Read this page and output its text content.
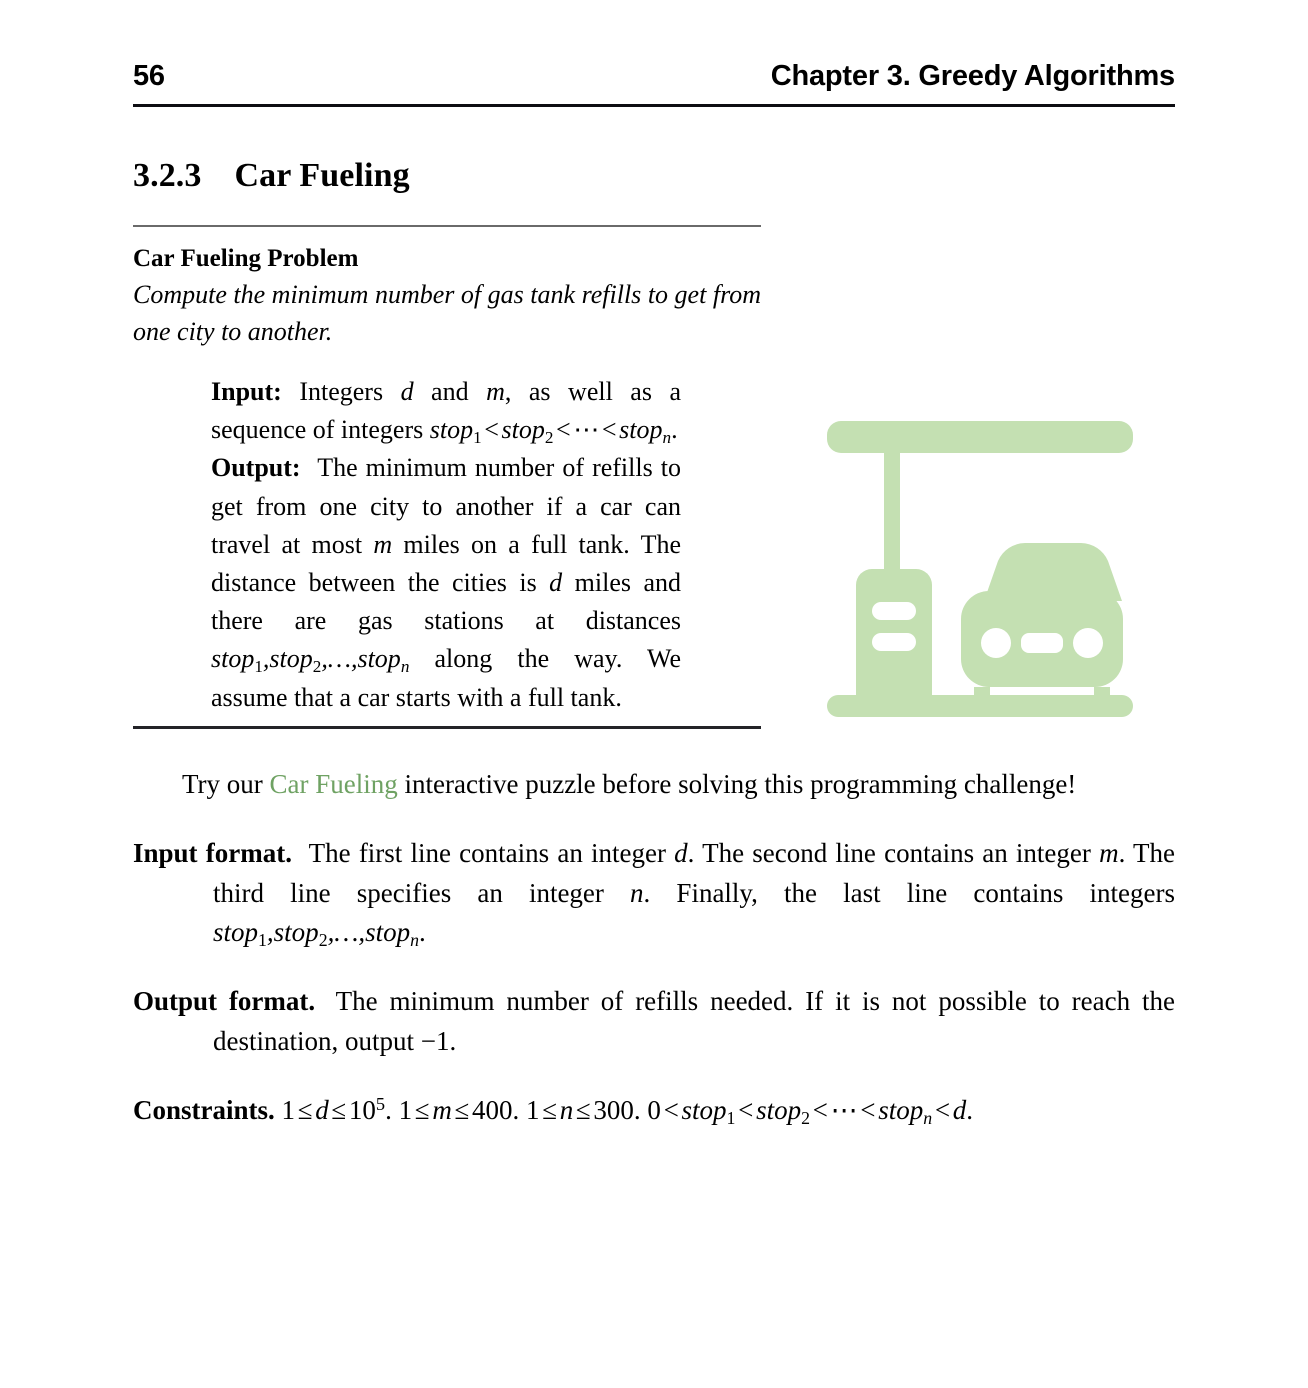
56	Chapter 3. Greedy Algorithms
3.2.3 Car Fueling
Car Fueling Problem
Compute the minimum number of gas tank refills to get from one city to another.

Input: Integers d and m, as well as a sequence of integers stop$_1$<stop$_2$<⋯<stop$_n$.

Output: The minimum number of refills to get from one city to another if a car can travel at most m miles on a full tank. The distance between the cities is d miles and there are gas stations at distances stop$_1$,stop$_2$,…,stop$_n$ along the way. We assume that a car starts with a full tank.

Try our Car Fueling interactive puzzle before solving this programming challenge!

Input format. The first line contains an integer d. The second line contains an integer m. The third line specifies an integer n. Finally, the last line contains integers stop$_1$,stop$_2$,…,stop$_n$.

Output format. The minimum number of refills needed. If it is not possible to reach the destination, output −1.

Constraints. $1\le d\le 10^5$. 1≤m≤400. 1≤n≤300. 0<stop$_1$<stop$_2$<⋯<stop$_n$<d.
